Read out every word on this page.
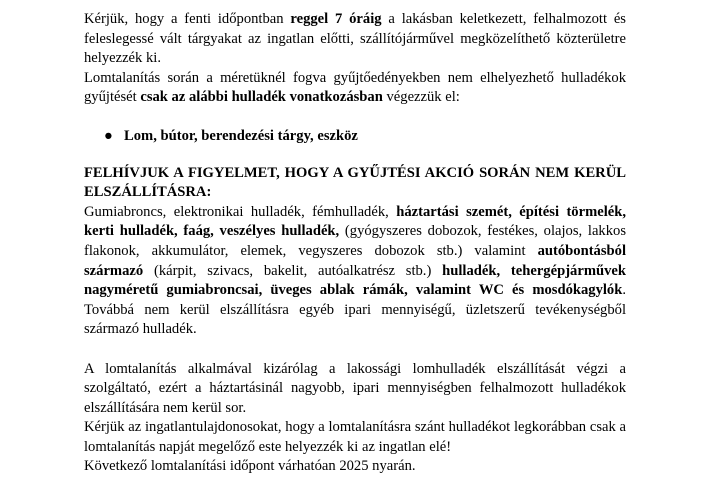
Kérjük, hogy a fenti időpontban reggel 7 óráig a lakásban keletkezett, felhalmozott és feleslegessé vált tárgyakat az ingatlan előtti, szállítójárművel megközelíthető közterületre helyezzék ki.

Lomtalanítás során a méretüknél fogva gyűjtőedényekben nem elhelyezhető hulladékok gyűjtését csak az alábbi hulladék vonatkozásban végezzük el:

● Lom, bútor, berendezési tárgy, eszköz

FELHÍVJUK A FIGYELMET, HOGY A GYŰJTÉSI AKCIÓ SORÁN NEM KERÜL ELSZÁLLÍTÁSRA:

Gumiabroncs, elektronikai hulladék, fémhulladék, háztartási szemét, építési törmelék, kerti hulladék, faág, veszélyes hulladék, (gyógyszeres dobozok, festékes, olajos, lakkos flakonok, akkumulátor, elemek, vegyszeres dobozok stb.) valamint autóbontásból származó (kárpit, szivacs, bakelit, autóalkatrész stb.) hulladék, tehergépjárművek nagyméretű gumiabroncsai, üveges ablak rámák, valamint WC és mosdókagylók. Továbbá nem kerül elszállításra egyéb ipari mennyiségű, üzletszerű tevékenységből származó hulladék.

A lomtalanítás alkalmával kizárólag a lakossági lomhulladék elszállítását végzi a szolgáltató, ezért a háztartásinál nagyobb, ipari mennyiségben felhalmozott hulladékok elszállítására nem kerül sor.

Kérjük az ingatlantulajdonosokat, hogy a lomtalanításra szánt hulladékot legkorábban csak a lomtalanítás napját megelőző este helyezzék ki az ingatlan elé!

Következő lomtalanítási időpont várhatóan 2025 nyarán.
